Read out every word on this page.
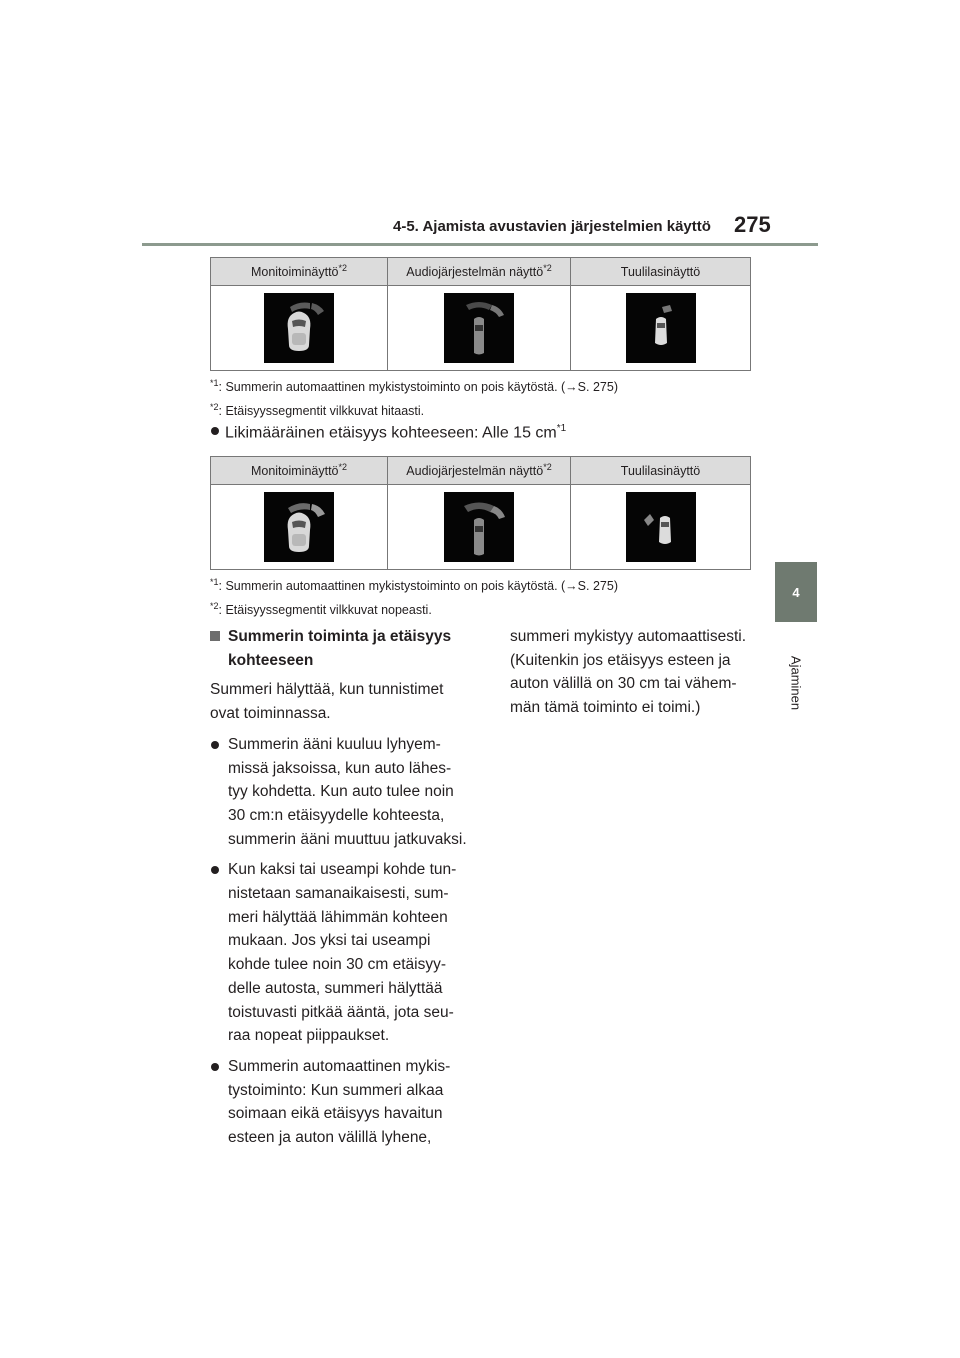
4-5. Ajamista avustavien järjestelmien käyttö 275
4
Ajaminen
Monitoiminäyttö$^{*2}$	Audiojärjestelmän näyttö$^{*2}$	Tuulilasinäyttö

$^{*1}$: Summerin automaattinen mykistystoiminto on pois käytöstä. (→S. 275)
$^{*2}$: Etäisyyssegmentit vilkkuvat hitaasti.
Likimääräinen etäisyys kohteeseen: Alle 15 $cm^{*1}$
Monitoiminäyttö$^{*2}$	Audiojärjestelmän näyttö$^{*2}$	Tuulilasinäyttö

$^{*1}$: Summerin automaattinen mykistystoiminto on pois käytöstä. (→S. 275)
$^{*2}$: Etäisyyssegmentit vilkkuvat nopeasti.

Summerin toiminta ja etäisyys
kohteeseen

Summeri hälyttää, kun tunnistimet
ovat toiminnassa.

Summerin ääni kuuluu lyhyem-
missä jaksoissa, kun auto lähes-
tyy kohdetta. Kun auto tulee noin
30 cm:n etäisyydelle kohteesta,
summerin ääni muuttuu jatkuvaksi.

Kun kaksi tai useampi kohde tun-
nistetaan samanaikaisesti, sum-
meri hälyttää lähimmän kohteen
mukaan. Jos yksi tai useampi
kohde tulee noin 30 cm etäisyy-
delle autosta, summeri hälyttää
toistuvasti pitkää ääntä, jota seu-
raa nopeat piippaukset.

Summerin automaattinen mykis-
tystoiminto: Kun summeri alkaa
soimaan eikä etäisyys havaitun
esteen ja auton välillä lyhene,

summeri mykistyy automaattisesti.
(Kuitenkin jos etäisyys esteen ja
auton välillä on 30 cm tai vähem-
män tämä toiminto ei toimi.)
